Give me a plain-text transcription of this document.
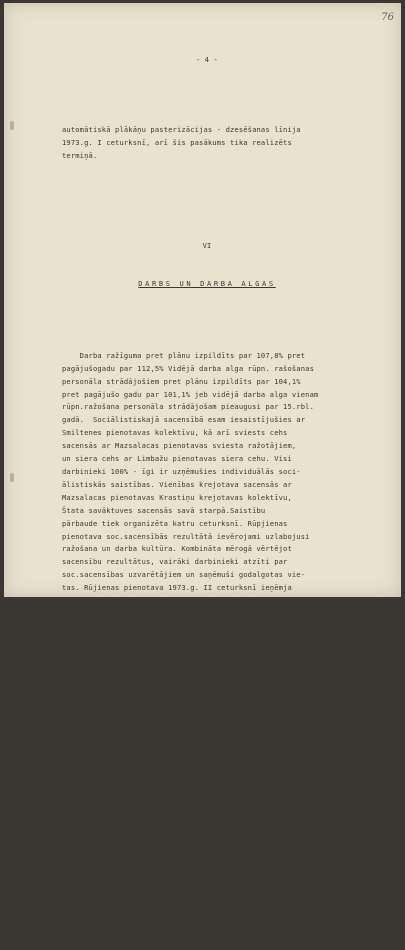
76

- 4 -

automātiskā plākāņu pasterizācijas - dzesēšanas līnija
1973.g. I ceturksnī, arī šis pasākums tika realizēts
termiņā.

VI

DARBS UN DARBA ALGAS

Darba ražīguma pret plānu izpildīts par 107,8% pret
pagājušogadu par 112,5% Vidējā darba alga rūpn. rašošanas
personāla strādājošiem pret plānu izpildīts par 104,1%
pret pagājušo gadu par 101,1% jeb vidējā darba alga vienam
rūpn.ražošana personāla strādājošam pieaugusi par 15.rbl.
gadā.  Sociālistiskajā sacensībā esam iesaistījušies ar
Smiltenes pienotavas kolektīvu, kā arī sviests cehs
sacensās ar Mazsalacas pienotavas sviesta ražotājiem,
un siera cehs ar Limbažu pienotavas siera cehu. Visi
darbinieki 100% - īgi ir uzņēmušies individuālās soci-
ālistiskās saistības. Vienības krejotava sacensās ar
Mazsalacas pienotavas Krastiņu krejotavas kolektīvu,
Štata savāktuves sacensās savā starpā.Saistību
pārbaude tiek organizēta katru ceturksnī. Rūpjienas
pienotava soc.sacensībās rezultātā ievērojami uzlabojusi
ražošana un darba kultūra. Kombināta mērogā vērtējot
sacensību rezultātus, vairāki darbinieki atzīti par
soc.sacensības uzvarētājiem un saņēmuši godalgotas vie-
tas. Rūjienas pienotava 1973.g. II ceturksnī ieņēmja
I.vietu starp  Valmieras piena kombinātam paklautiem
uzņēmumiem, bet III ceturksnī 3.vietu.

VII

KADRI

Rūjienas pienotavā nav pagaidām izmantota - vakante
laboranta vienība, jo laborante Berga Zelma par trūkumiem
darbā tika pārvesta par analizstori. Visu materiālo
darbinieku atestācija iesvesta. Kvalifikācijas celšanas
kursos mācījušies 6 pienotavas darbinieki. 22 darbinieki
mācās ekonomisko zināšanu apgūšanas nodarbībās pienotavā,
bet 3 darbinieki apgūst ekonomiskās zināšanas Valmieras
piena kombinātā. Apmācīti 5 jauni strādnieki, tai skaitā
individuāli 1 , brigādē 2 un kursos(kompresoristi) - 2
